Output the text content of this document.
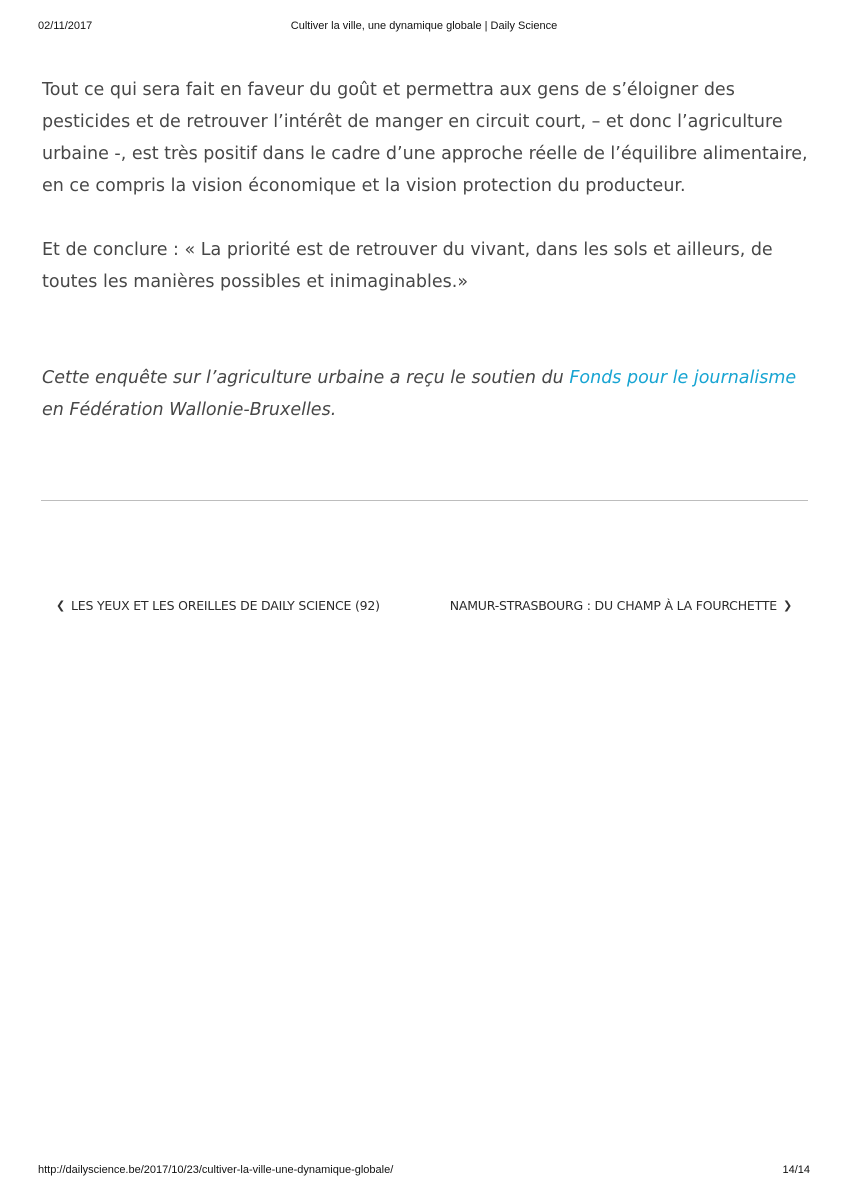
02/11/2017	Cultiver la ville, une dynamique globale | Daily Science

Tout ce qui sera fait en faveur du goût et permettra aux gens de s’éloigner des pesticides et de retrouver l’intérêt de manger en circuit court, – et donc l’agriculture urbaine -, est très positif dans le cadre d’une approche réelle de l’équilibre alimentaire, en ce compris la vision économique et la vision protection du producteur.

Et de conclure : « La priorité est de retrouver du vivant, dans les sols et ailleurs, de toutes les manières possibles et inimaginables.»

Cette enquête sur l’agriculture urbaine a reçu le soutien du Fonds pour le journalisme en Fédération Wallonie-Bruxelles.

❮ LES YEUX ET LES OREILLES DE DAILY SCIENCE (92)	NAMUR-STRASBOURG : DU CHAMP À LA FOURCHETTE ❯
http://dailyscience.be/2017/10/23/cultiver-la-ville-une-dynamique-globale/	14/14
